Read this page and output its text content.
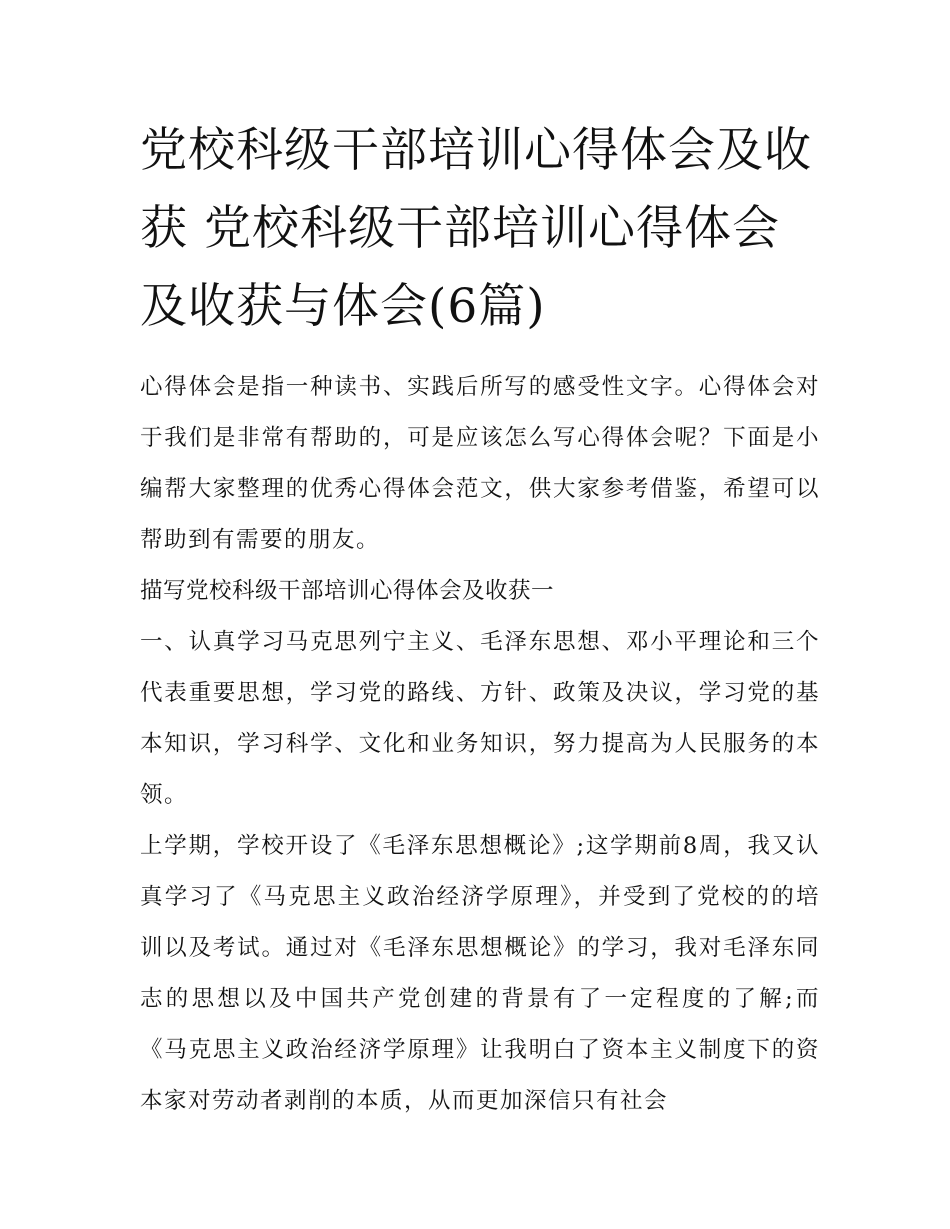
党校科级干部培训心得体会及收获 党校科级干部培训心得体会及收获与体会(6篇)

心得体会是指一种读书、实践后所写的感受性文字。心得体会对于我们是非常有帮助的，可是应该怎么写心得体会呢？下面是小编帮大家整理的优秀心得体会范文，供大家参考借鉴，希望可以帮助到有需要的朋友。

描写党校科级干部培训心得体会及收获一

一、认真学习马克思列宁主义、毛泽东思想、邓小平理论和三个代表重要思想，学习党的路线、方针、政策及决议，学习党的基本知识，学习科学、文化和业务知识，努力提高为人民服务的本领。

上学期，学校开设了《毛泽东思想概论》;这学期前8周，我又认真学习了《马克思主义政治经济学原理》，并受到了党校的的培训以及考试。通过对《毛泽东思想概论》的学习，我对毛泽东同志的思想以及中国共产党创建的背景有了一定程度的了解;而《马克思主义政治经济学原理》让我明白了资本主义制度下的资本家对劳动者剥削的本质，从而更加深信只有社会
